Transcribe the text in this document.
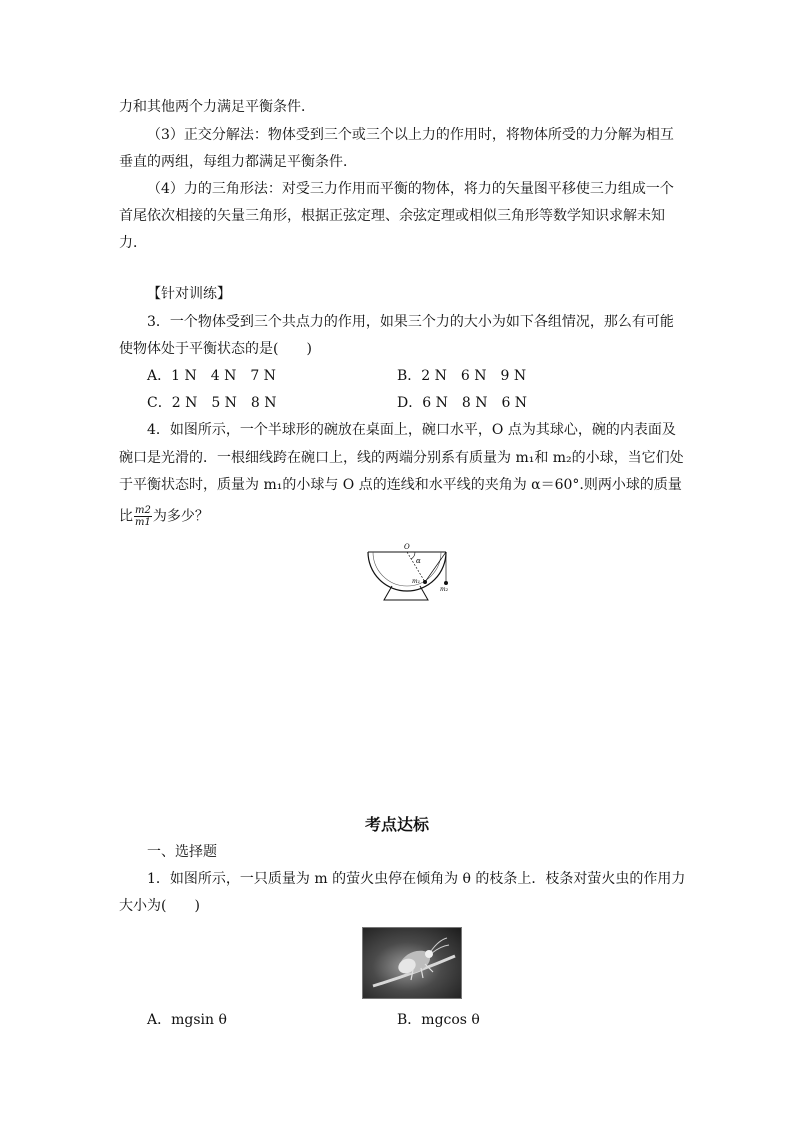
力和其他两个力满足平衡条件．
（3）正交分解法：物体受到三个或三个以上力的作用时，将物体所受的力分解为相互
垂直的两组，每组力都满足平衡条件．
（4）力的三角形法：对受三力作用而平衡的物体，将力的矢量图平移使三力组成一个
首尾依次相接的矢量三角形，根据正弦定理、余弦定理或相似三角形等数学知识求解未知
力．
【针对训练】
3．一个物体受到三个共点力的作用，如果三个力的大小为如下各组情况，那么有可能
使物体处于平衡状态的是(　　)
A．1 N　4 N　7 N	B．2 N　6 N　9 N
C．2 N　5 N　8 N	D．6 N　8 N　6 N
4．如图所示，一个半球形的碗放在桌面上，碗口水平，O 点为其球心，碗的内表面及
碗口是光滑的．一根细线跨在碗口上，线的两端分别系有质量为 m₁和 m₂的小球，当它们处
于平衡状态时，质量为 m₁的小球与 O 点的连线和水平线的夹角为 α＝60°.则两小球的质量
比 $\frac{m2}{m1}$ 为多少？
O
α
m₁
m₂
考点达标
一、选择题
1．如图所示，一只质量为 m 的萤火虫停在倾角为 θ 的枝条上．枝条对萤火虫的作用力
大小为(　　)
A．mgsin θ	B．mgcos θ
